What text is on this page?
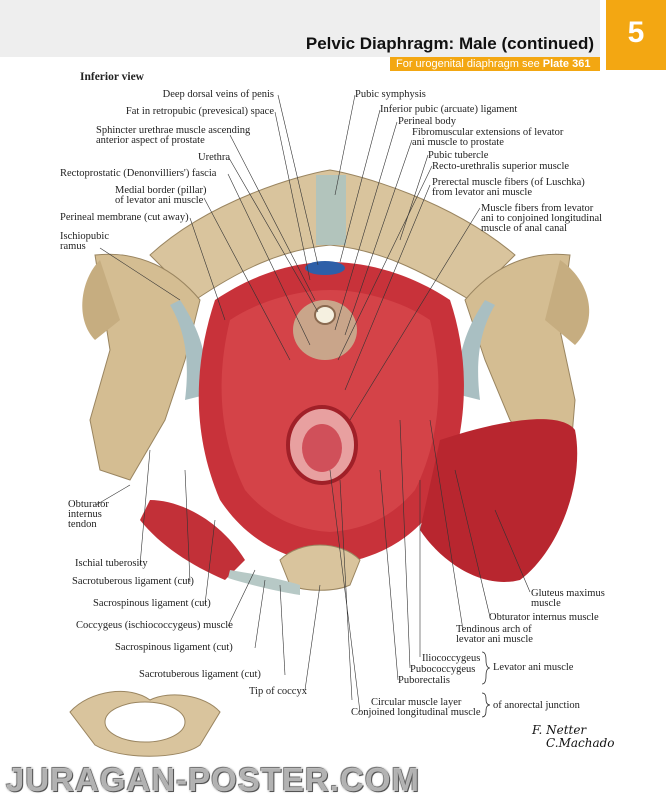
Pelvic Diaphragm: Male (continued)
For urogenital diaphragm see Plate 361
5
Inferior view
Deep dorsal veins of penis
Fat in retropubic (prevesical) space
Sphincter urethrae muscle ascending
anterior aspect of prostate
Urethra
Rectoprostatic (Denonvilliers') fascia
Medial border (pillar)
of levator ani muscle
Perineal membrane (cut away)
Ischiopubic
ramus
Obturator
internus
tendon
Ischial tuberosity
Sacrotuberous ligament (cut)
Sacrospinous ligament (cut)
Coccygeus (ischiococcygeus) muscle
Sacrospinous ligament (cut)
Sacrotuberous ligament (cut)
Tip of coccyx
Pubic symphysis
Inferior pubic (arcuate) ligament
Perineal body
Fibromuscular extensions of levator
ani muscle to prostate
Pubic tubercle
Recto-urethralis superior muscle
Prerectal muscle fibers (of Luschka)
from levator ani muscle
Muscle fibers from levator
ani to conjoined longitudinal
muscle of anal canal
Gluteus maximus
muscle
Obturator internus muscle
Tendinous arch of
levator ani muscle
Iliococcygeus
Pubococcygeus
Puborectalis
Levator ani muscle
Circular muscle layer
Conjoined longitudinal muscle
of anorectal junction
F. Netter
C.Machado
JURAGAN-POSTER.COM
